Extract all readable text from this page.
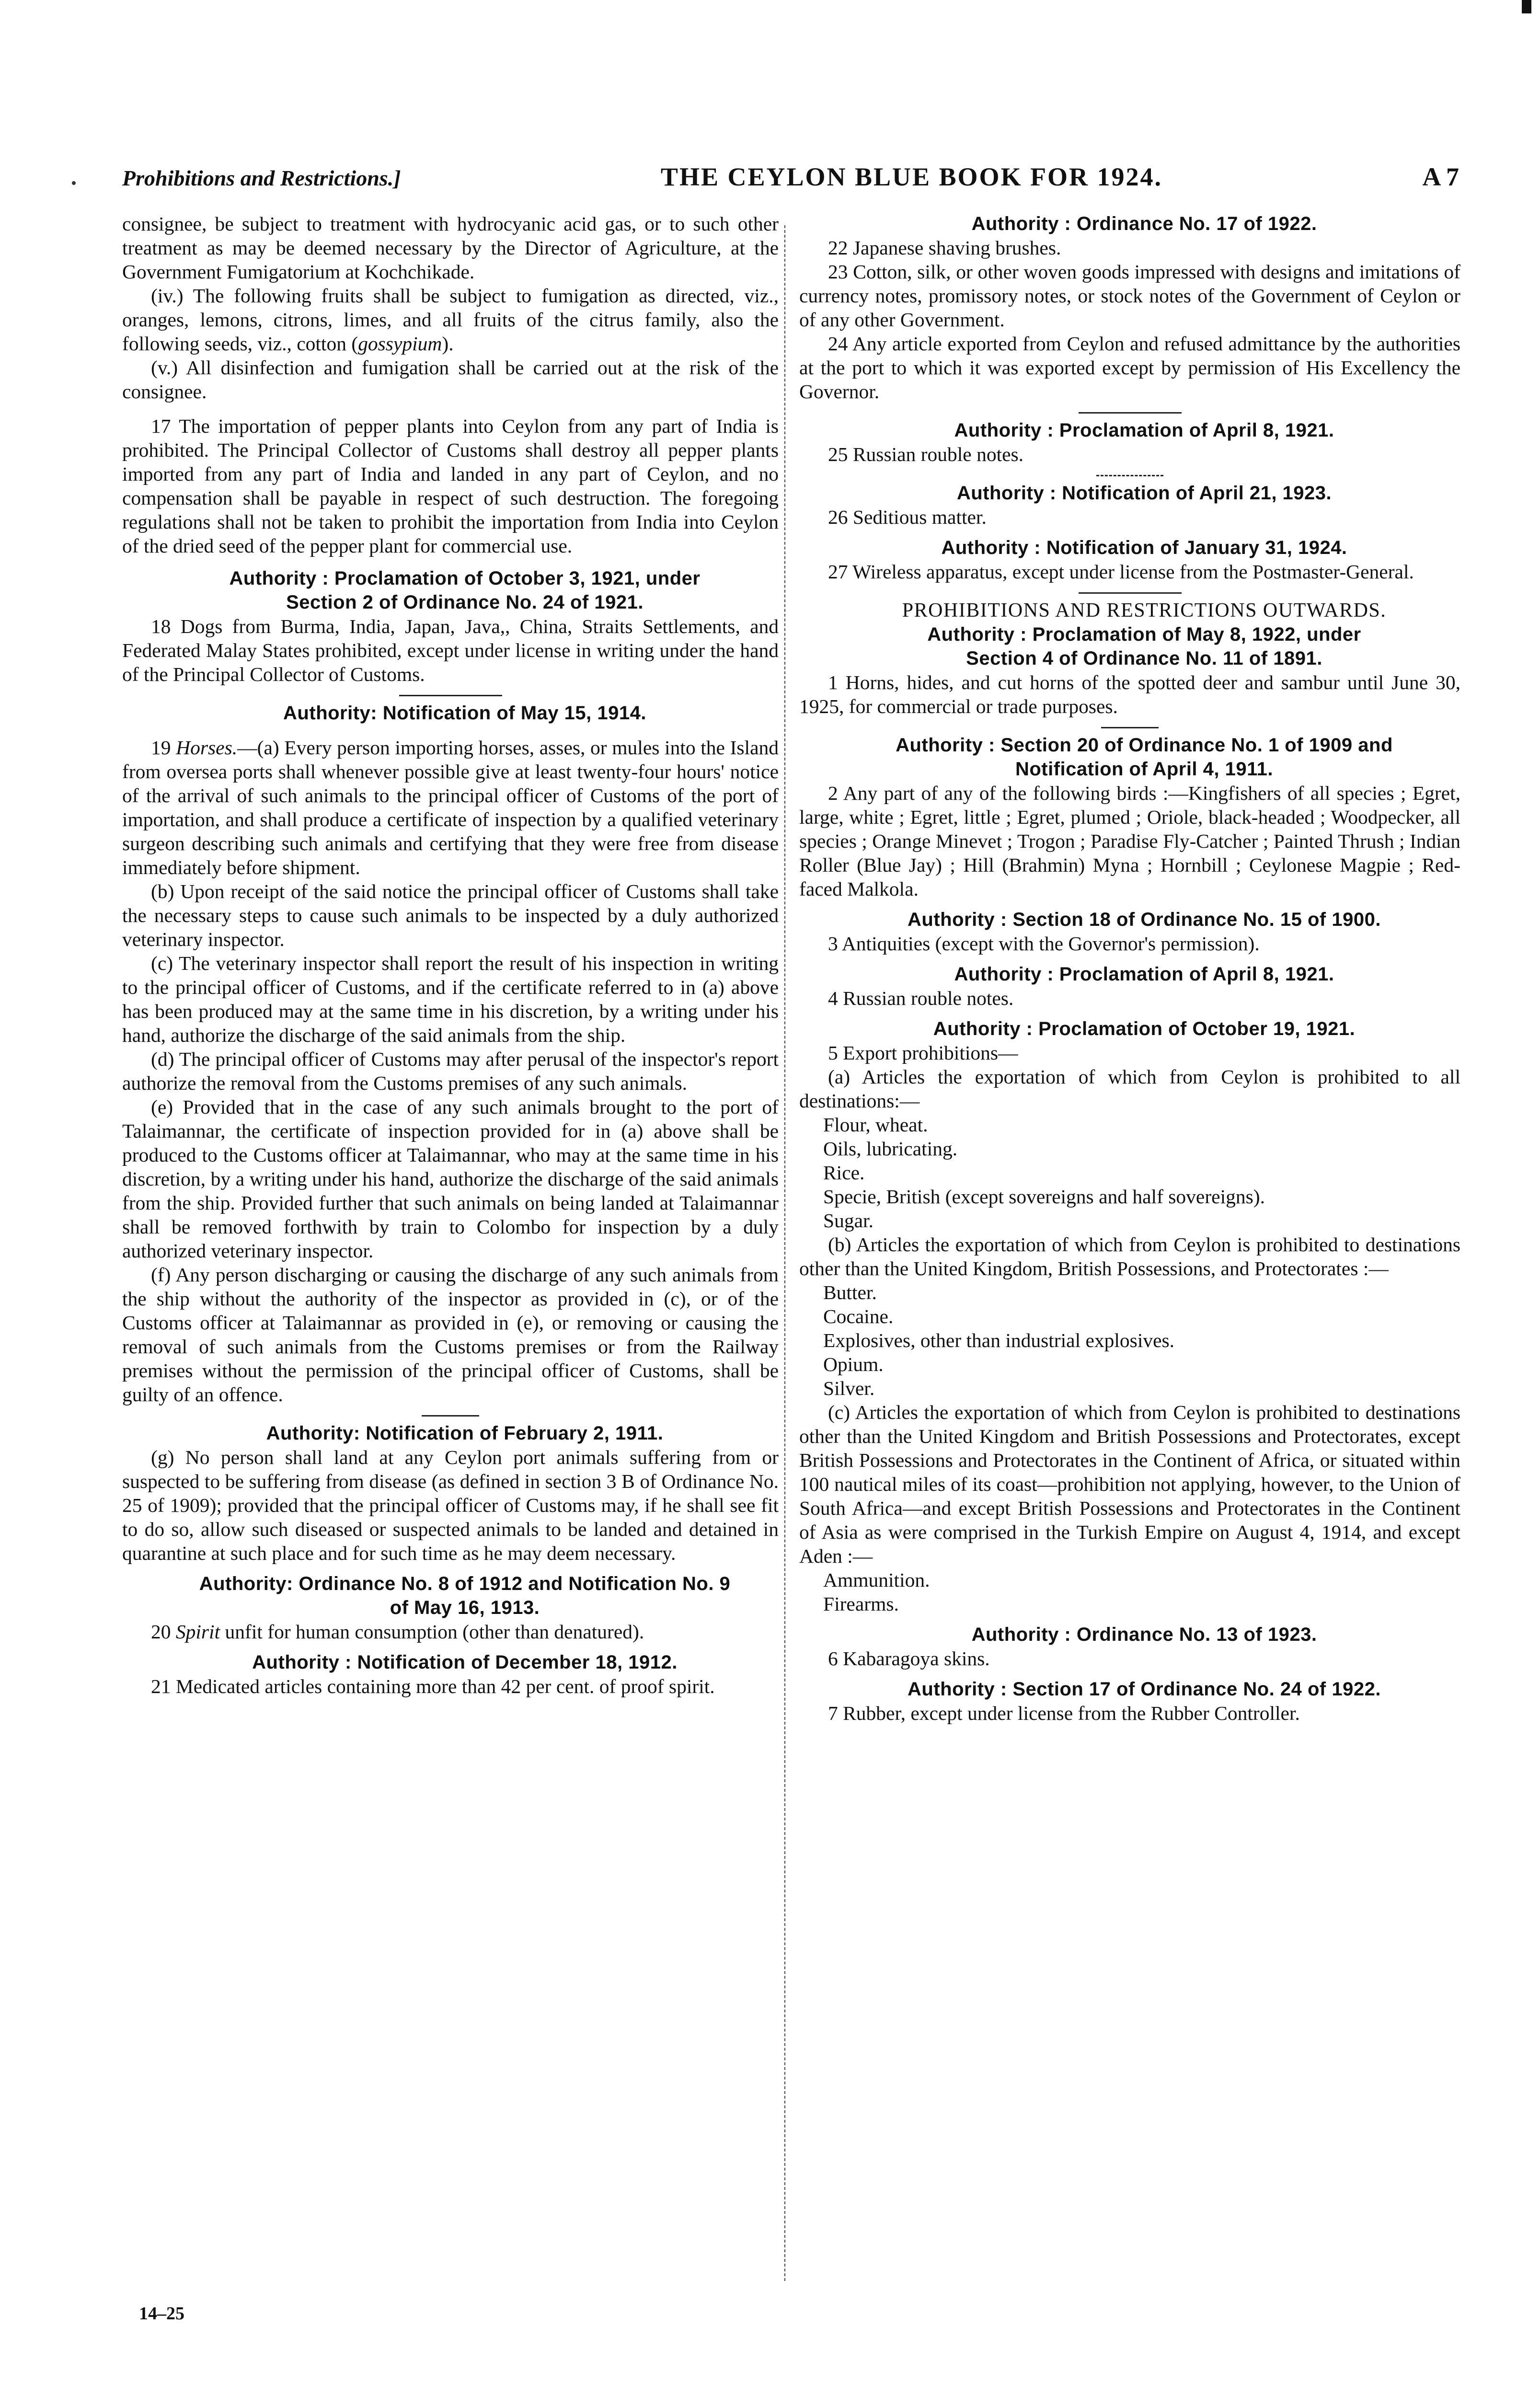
Prohibitions and Restrictions.]	THE CEYLON BLUE BOOK FOR 1924.	A 7

consignee, be subject to treatment with hydrocyanic acid gas, or to such other treatment as may be deemed necessary by the Director of Agriculture, at the Government Fumigatorium at Kochchikade.

(iv.) The following fruits shall be subject to fumigation as directed, viz., oranges, lemons, citrons, limes, and all fruits of the citrus family, also the following seeds, viz., cotton (gossypium).

(v.) All disinfection and fumigation shall be carried out at the risk of the consignee.

17 The importation of pepper plants into Ceylon from any part of India is prohibited. The Principal Collector of Customs shall destroy all pepper plants imported from any part of India and landed in any part of Ceylon, and no compensation shall be payable in respect of such destruction. The foregoing regulations shall not be taken to prohibit the importation from India into Ceylon of the dried seed of the pepper plant for commercial use.

Authority : Proclamation of October 3, 1921, under

Section 2 of Ordinance No. 24 of 1921.

18 Dogs from Burma, India, Japan, Java,, China, Straits Settlements, and Federated Malay States prohibited, except under license in writing under the hand of the Principal Collector of Customs.

Authority: Notification of May 15, 1914.

19 Horses.—(a) Every person importing horses, asses, or mules into the Island from oversea ports shall whenever possible give at least twenty-four hours' notice of the arrival of such animals to the principal officer of Customs of the port of importation, and shall produce a certificate of inspection by a qualified veterinary surgeon describing such animals and certifying that they were free from disease immediately before shipment.

(b) Upon receipt of the said notice the principal officer of Customs shall take the necessary steps to cause such animals to be inspected by a duly authorized veterinary inspector.

(c) The veterinary inspector shall report the result of his inspection in writing to the principal officer of Customs, and if the certificate referred to in (a) above has been produced may at the same time in his discretion, by a writing under his hand, authorize the discharge of the said animals from the ship.

(d) The principal officer of Customs may after perusal of the inspector's report authorize the removal from the Customs premises of any such animals.

(e) Provided that in the case of any such animals brought to the port of Talaimannar, the certificate of inspection provided for in (a) above shall be produced to the Customs officer at Talaimannar, who may at the same time in his discretion, by a writing under his hand, authorize the discharge of the said animals from the ship. Provided further that such animals on being landed at Talaimannar shall be removed forthwith by train to Colombo for inspection by a duly authorized veterinary inspector.

(f) Any person discharging or causing the discharge of any such animals from the ship without the authority of the inspector as provided in (c), or of the Customs officer at Talaimannar as provided in (e), or removing or causing the removal of such animals from the Customs premises or from the Railway premises without the permission of the principal officer of Customs, shall be guilty of an offence.

Authority: Notification of February 2, 1911.

(g) No person shall land at any Ceylon port animals suffering from or suspected to be suffering from disease (as defined in section 3 B of Ordinance No. 25 of 1909); provided that the principal officer of Customs may, if he shall see fit to do so, allow such diseased or suspected animals to be landed and detained in quarantine at such place and for such time as he may deem necessary.

Authority: Ordinance No. 8 of 1912 and Notification No. 9

of May 16, 1913.

20 Spirit unfit for human consumption (other than denatured).

Authority : Notification of December 18, 1912.

21 Medicated articles containing more than 42 per cent. of proof spirit.

Authority : Ordinance No. 17 of 1922.

22 Japanese shaving brushes.

23 Cotton, silk, or other woven goods impressed with designs and imitations of currency notes, promissory notes, or stock notes of the Government of Ceylon or of any other Government.

24 Any article exported from Ceylon and refused admittance by the authorities at the port to which it was exported except by permission of His Excellency the Governor.

Authority : Proclamation of April 8, 1921.

25 Russian rouble notes.

Authority : Notification of April 21, 1923.

26 Seditious matter.

Authority : Notification of January 31, 1924.

27 Wireless apparatus, except under license from the Postmaster-General.

PROHIBITIONS AND RESTRICTIONS OUTWARDS.

Authority : Proclamation of May 8, 1922, under

Section 4 of Ordinance No. 11 of 1891.

1 Horns, hides, and cut horns of the spotted deer and sambur until June 30, 1925, for commercial or trade purposes.

Authority : Section 20 of Ordinance No. 1 of 1909 and

Notification of April 4, 1911.

2 Any part of any of the following birds :—Kingfishers of all species ; Egret, large, white ; Egret, little ; Egret, plumed ; Oriole, black-headed ; Woodpecker, all species ; Orange Minevet ; Trogon ; Paradise Fly-Catcher ; Painted Thrush ; Indian Roller (Blue Jay) ; Hill (Brahmin) Myna ; Hornbill ; Ceylonese Magpie ; Red-faced Malkola.

Authority : Section 18 of Ordinance No. 15 of 1900.

3 Antiquities (except with the Governor's permission).

Authority : Proclamation of April 8, 1921.

4 Russian rouble notes.

Authority : Proclamation of October 19, 1921.

5 Export prohibitions—

(a) Articles the exportation of which from Ceylon is prohibited to all destinations:—

Flour, wheat.

Oils, lubricating.

Rice.

Specie, British (except sovereigns and half sovereigns).

Sugar.

(b) Articles the exportation of which from Ceylon is prohibited to destinations other than the United Kingdom, British Possessions, and Protectorates :—

Butter.

Cocaine.

Explosives, other than industrial explosives.

Opium.

Silver.

(c) Articles the exportation of which from Ceylon is prohibited to destinations other than the United Kingdom and British Possessions and Protectorates, except British Possessions and Protectorates in the Continent of Africa, or situated within 100 nautical miles of its coast—prohibition not applying, however, to the Union of South Africa—and except British Possessions and Protectorates in the Continent of Asia as were comprised in the Turkish Empire on August 4, 1914, and except Aden :—

Ammunition.

Firearms.

Authority : Ordinance No. 13 of 1923.

6 Kabaragoya skins.

Authority : Section 17 of Ordinance No. 24 of 1922.

7 Rubber, except under license from the Rubber Controller.

14–25
